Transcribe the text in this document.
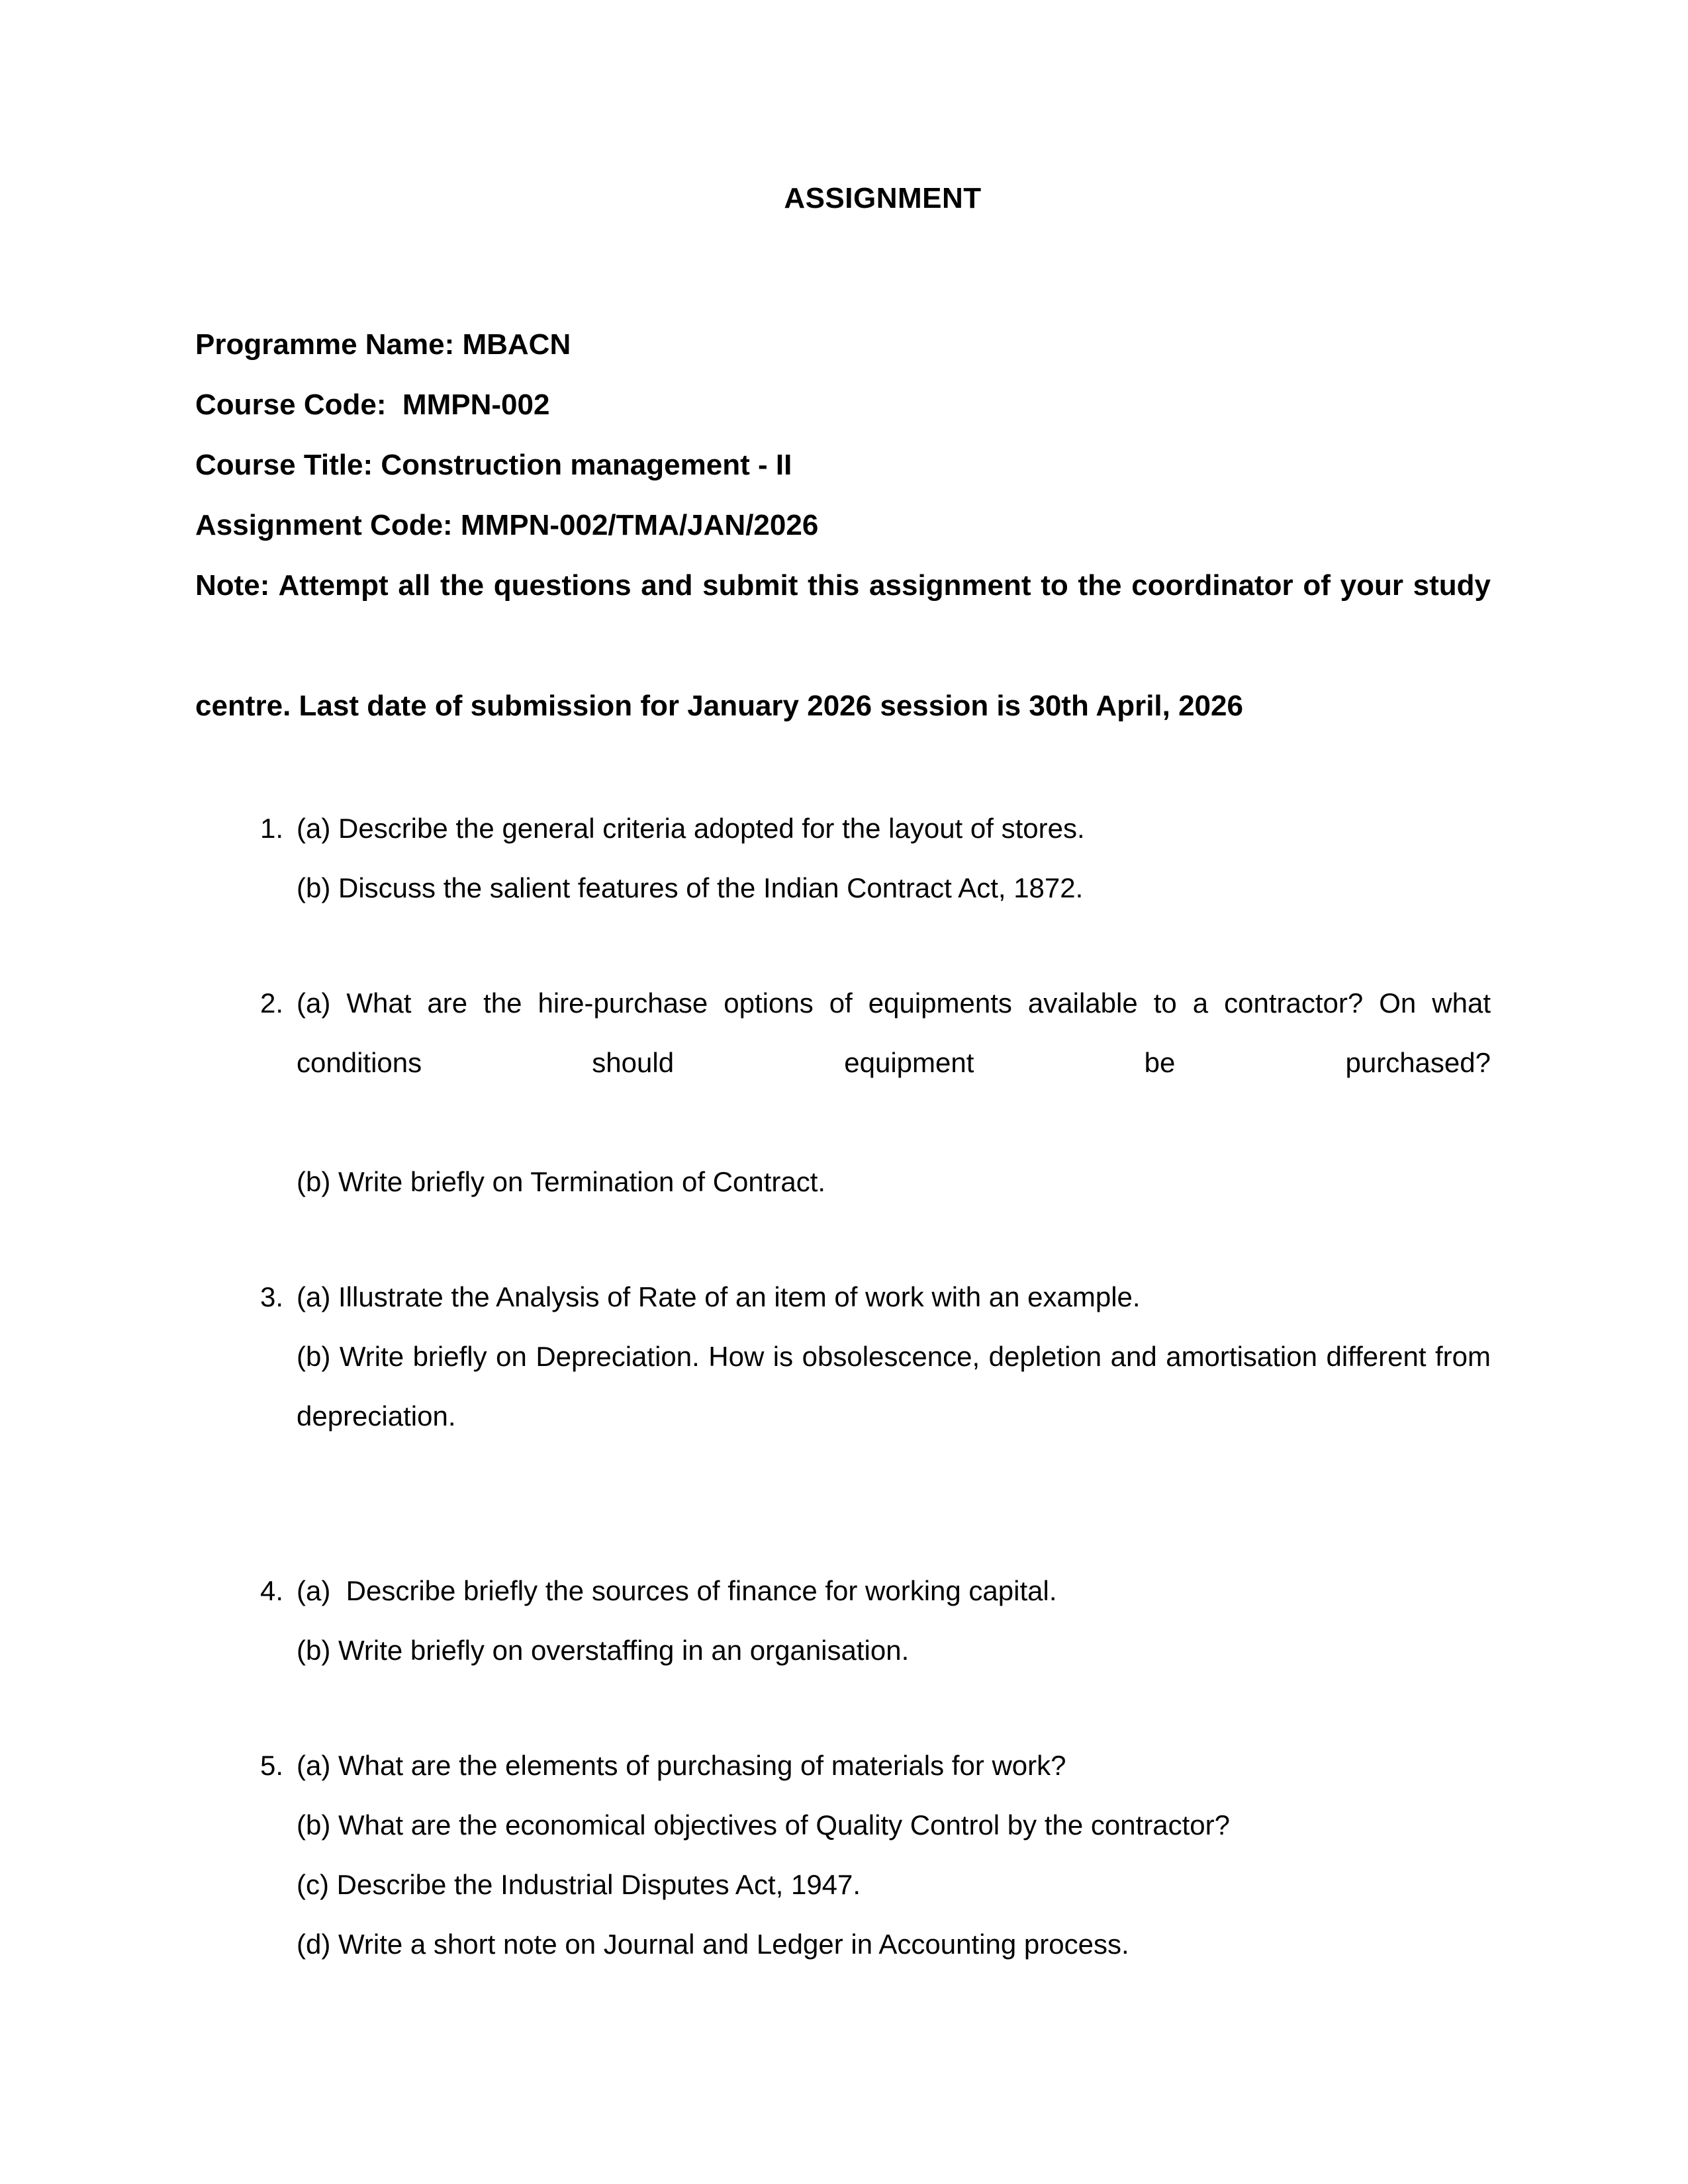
ASSIGNMENT
Programme Name: MBACN
Course Code:  MMPN-002
Course Title: Construction management - II
Assignment Code: MMPN-002/TMA/JAN/2026
Note: Attempt all the questions and submit this assignment to the coordinator of your study
centre. Last date of submission for January 2026 session is 30th April, 2026
1. (a) Describe the general criteria adopted for the layout of stores.
(b) Discuss the salient features of the Indian Contract Act, 1872.
2. (a) What are the hire-purchase options of equipments available to a contractor? On what conditions should equipment be purchased?
(b) Write briefly on Termination of Contract.
3. (a) Illustrate the Analysis of Rate of an item of work with an example.
(b) Write briefly on Depreciation. How is obsolescence, depletion and amortisation different from depreciation.
4. (a)  Describe briefly the sources of finance for working capital.
(b) Write briefly on overstaffing in an organisation.
5. (a) What are the elements of purchasing of materials for work?
(b) What are the economical objectives of Quality Control by the contractor?
(c) Describe the Industrial Disputes Act, 1947.
(d) Write a short note on Journal and Ledger in Accounting process.
